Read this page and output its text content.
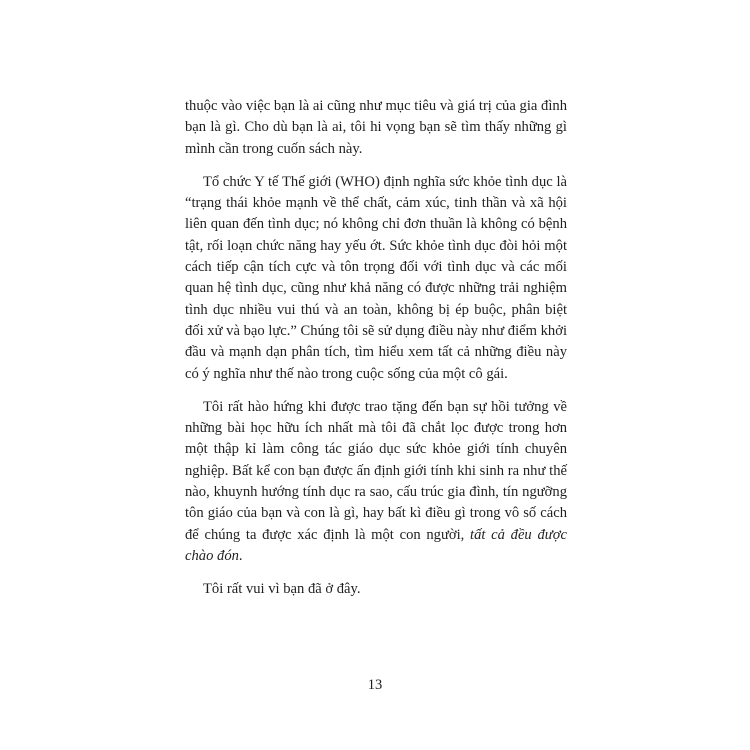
thuộc vào việc bạn là ai cũng như mục tiêu và giá trị của gia đình bạn là gì. Cho dù bạn là ai, tôi hi vọng bạn sẽ tìm thấy những gì mình cần trong cuốn sách này.

Tổ chức Y tế Thế giới (WHO) định nghĩa sức khỏe tình dục là “trạng thái khỏe mạnh về thể chất, cảm xúc, tinh thần và xã hội liên quan đến tình dục; nó không chỉ đơn thuần là không có bệnh tật, rối loạn chức năng hay yếu ớt. Sức khỏe tình dục đòi hỏi một cách tiếp cận tích cực và tôn trọng đối với tình dục và các mối quan hệ tình dục, cũng như khả năng có được những trải nghiệm tình dục nhiều vui thú và an toàn, không bị ép buộc, phân biệt đối xử và bạo lực.” Chúng tôi sẽ sử dụng điều này như điểm khởi đầu và mạnh dạn phân tích, tìm hiểu xem tất cả những điều này có ý nghĩa như thế nào trong cuộc sống của một cô gái.

Tôi rất hào hứng khi được trao tặng đến bạn sự hồi tưởng về những bài học hữu ích nhất mà tôi đã chắt lọc được trong hơn một thập kỉ làm công tác giáo dục sức khỏe giới tính chuyên nghiệp. Bất kể con bạn được ấn định giới tính khi sinh ra như thế nào, khuynh hướng tính dục ra sao, cấu trúc gia đình, tín ngưỡng tôn giáo của bạn và con là gì, hay bất kì điều gì trong vô số cách để chúng ta được xác định là một con người, tất cả đều được chào đón.

Tôi rất vui vì bạn đã ở đây.

13
